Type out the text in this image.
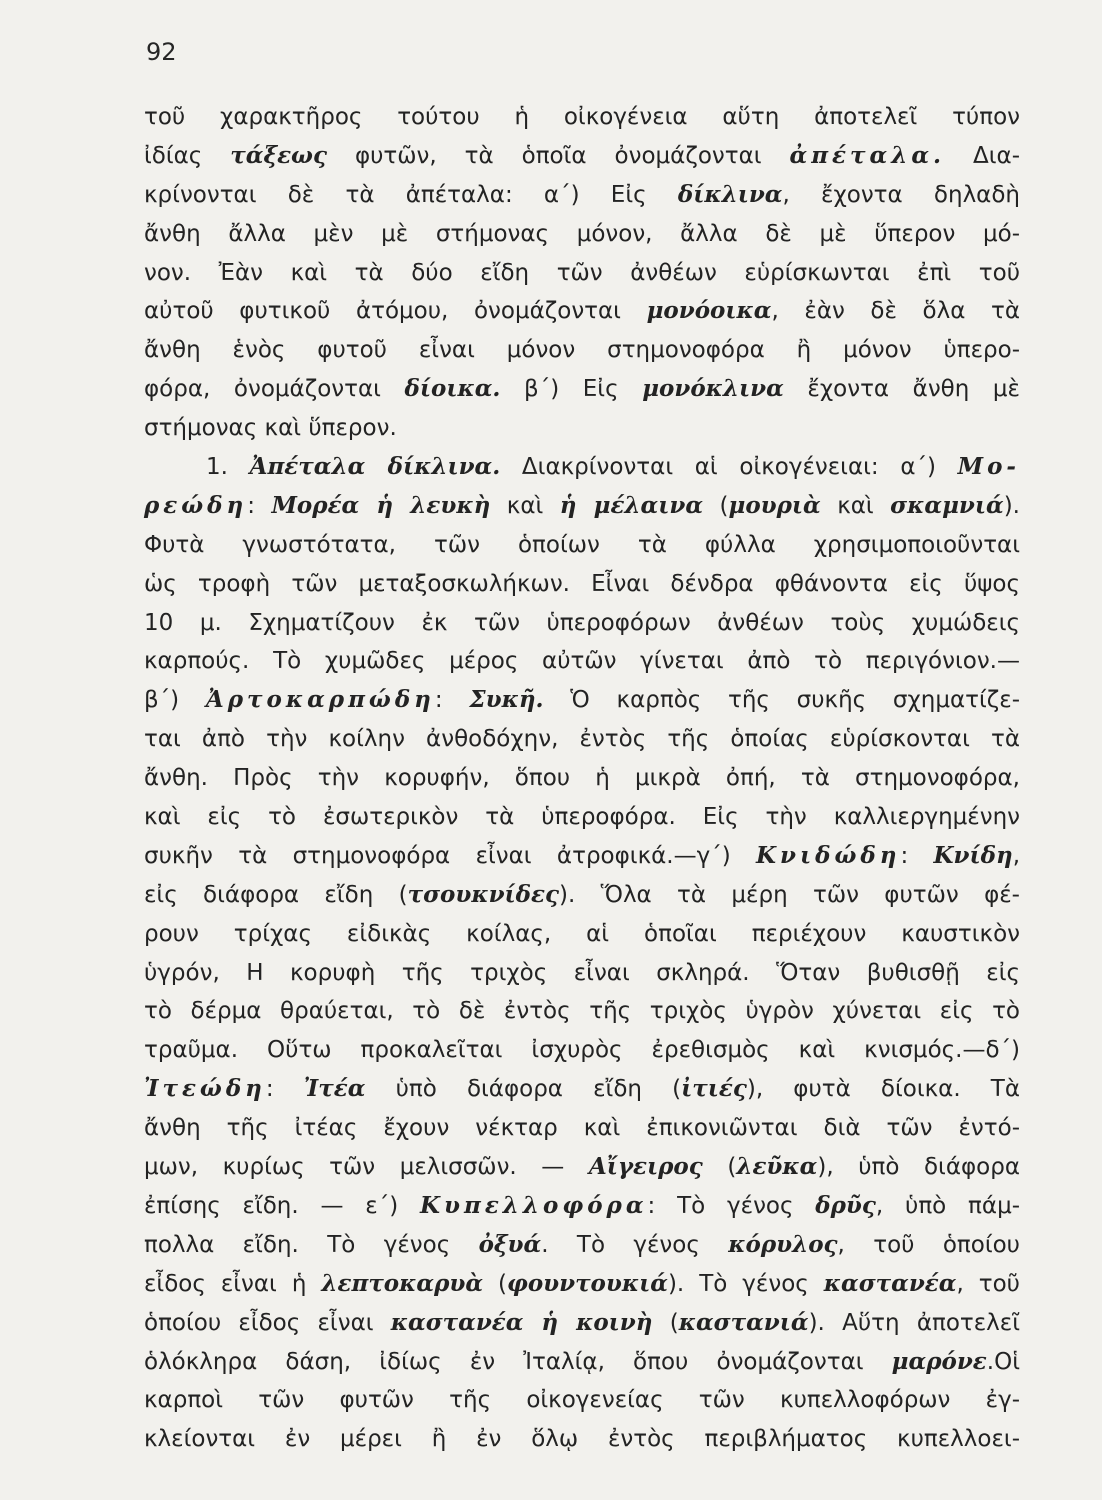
92
τοῦ χαρακτῆρος τούτου ἡ οἰκογένεια αὕτη ἀποτελεῖ τύπον
ἰδίας τάξεως φυτῶν, τὰ ὁποῖα ὀνομάζονται ἀπέταλα. Δια-
κρίνονται δὲ τὰ ἀπέταλα: α΄) Εἰς δίκλινα, ἔχοντα δηλαδὴ
ἄνθη ἄλλα μὲν μὲ στήμονας μόνον, ἄλλα δὲ μὲ ὕπερον μό-
νον. Ἐὰν καὶ τὰ δύο εἴδη τῶν ἀνθέων εὑρίσκωνται ἐπὶ τοῦ
αὐτοῦ φυτικοῦ ἀτόμου, ὀνομάζονται μονόοικα, ἐὰν δὲ ὅλα τὰ
ἄνθη ἑνὸς φυτοῦ εἶναι μόνον στημονοφόρα ἢ μόνον ὑπερο-
φόρα, ὀνομάζονται δίοικα. β΄) Εἰς μονόκλινα ἔχοντα ἄνθη μὲ
στήμονας καὶ ὕπερον.
1. Ἀπέταλα δίκλινα. Διακρίνονται αἱ οἰκογένειαι: α΄) Μο-
ρεώδη: Μορέα ἡ λευκὴ καὶ ἡ μέλαινα (μουριὰ καὶ σκαμνιά).
Φυτὰ γνωστότατα, τῶν ὁποίων τὰ φύλλα χρησιμοποιοῦνται
ὡς τροφὴ τῶν μεταξοσκωλήκων. Εἶναι δένδρα φθάνοντα εἰς ὕψος
10 μ. Σχηματίζουν ἐκ τῶν ὑπεροφόρων ἀνθέων τοὺς χυμώδεις
καρπούς. Τὸ χυμῶδες μέρος αὐτῶν γίνεται ἀπὸ τὸ περιγόνιον.—
β΄) Ἀρτοκαρπώδη: Συκῆ. Ὁ καρπὸς τῆς συκῆς σχηματίζε-
ται ἀπὸ τὴν κοίλην ἀνθοδόχην, ἐντὸς τῆς ὁποίας εὑρίσκονται τὰ
ἄνθη. Πρὸς τὴν κορυφήν, ὅπου ἡ μικρὰ ὀπή, τὰ στημονοφόρα,
καὶ εἰς τὸ ἐσωτερικὸν τὰ ὑπεροφόρα. Εἰς τὴν καλλιεργημένην
συκῆν τὰ στημονοφόρα εἶναι ἀτροφικά.—γ΄) Κνιδώδη: Κνίδη,
εἰς διάφορα εἴδη (τσουκνίδες). Ὅλα τὰ μέρη τῶν φυτῶν φέ-
ρουν τρίχας εἰδικὰς κοίλας, αἱ ὁποῖαι περιέχουν καυστικὸν
ὑγρόν, Η κορυφὴ τῆς τριχὸς εἶναι σκληρά. Ὅταν βυθισθῇ εἰς
τὸ δέρμα θραύεται, τὸ δὲ ἐντὸς τῆς τριχὸς ὑγρὸν χύνεται εἰς τὸ
τραῦμα. Οὕτω προκαλεῖται ἰσχυρὸς ἐρεθισμὸς καὶ κνισμός.—δ΄)
Ἰτεώδη: Ἰτέα ὑπὸ διάφορα εἴδη (ἰτιές), φυτὰ δίοικα. Τὰ
ἄνθη τῆς ἰτέας ἔχουν νέκταρ καὶ ἐπικονιῶνται διὰ τῶν ἐντό-
μων, κυρίως τῶν μελισσῶν. — Αἴγειρος (λεῦκα), ὑπὸ διάφορα
ἐπίσης εἴδη. — ε΄) Κυπελλοφόρα: Τὸ γένος δρῦς, ὑπὸ πάμ-
πολλα εἴδη. Τὸ γένος ὀξυά. Τὸ γένος κόρυλος, τοῦ ὁποίου
εἶδος εἶναι ἡ λεπτοκαρυὰ (φουντουκιά). Τὸ γένος καστανέα, τοῦ
ὁποίου εἶδος εἶναι καστανέα ἡ κοινὴ (καστανιά). Αὕτη ἀποτελεῖ
ὁλόκληρα δάση, ἰδίως ἐν Ἰταλίᾳ, ὅπου ὀνομάζονται μαρόνε.Οἱ
καρποὶ τῶν φυτῶν τῆς οἰκογενείας τῶν κυπελλοφόρων ἐγ-
κλείονται ἐν μέρει ἢ ἐν ὅλῳ ἐντὸς περιβλήματος κυπελλοει-
